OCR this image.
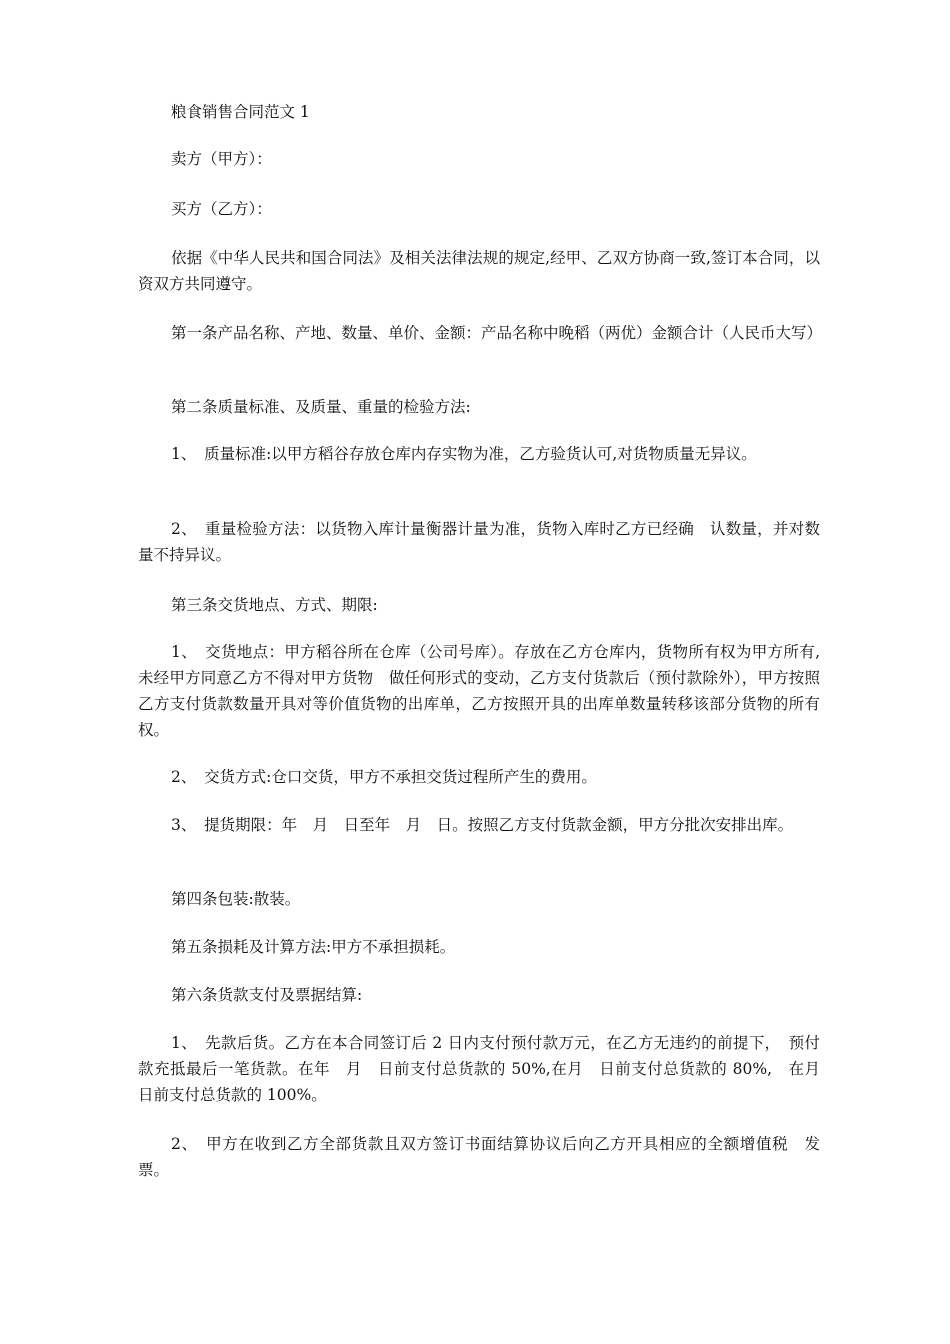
粮食销售合同范文 1

卖方（甲方）：

买方（乙方）：

依据《中华人民共和国合同法》及相关法律法规的规定,经甲、乙双方协商一致,签订本合同，以资双方共同遵守。

第一条产品名称、产地、数量、单价、金额：产品名称中晚稻（两优）金额合计（人民币大写）

第二条质量标准、及质量、重量的检验方法:

1、　质量标准:以甲方稻谷存放仓库内存实物为准，乙方验货认可,对货物质量无异议。

2、　重量检验方法：以货物入库计量衡器计量为准，货物入库时乙方已经确　认数量，并对数　量不持异议。

第三条交货地点、方式、期限:

1、　交货地点：甲方稻谷所在仓库（公司号库）。存放在乙方仓库内，货物所有权为甲方所有,未经甲方同意乙方不得对甲方货物　做任何形式的变动，乙方支付货款后（预付款除外），甲方按照乙方支付货款数量开具对等价值货物的出库单，乙方按照开具的出库单数量转移该部分货物的所有权。

2、　交货方式:仓口交货，甲方不承担交货过程所产生的费用。

3、　提货期限：年　月　日至年　月　日。按照乙方支付货款金额，甲方分批次安排出库。

第四条包装:散装。

第五条损耗及计算方法:甲方不承担损耗。

第六条货款支付及票据结算:

1、　先款后货。乙方在本合同签订后 2 日内支付预付款万元，在乙方无违约的前提下，　预付款充抵最后一笔货款。在年　月　日前支付总货款的 50%,在月　日前支付总货款的 80%,　在月　日前支付总货款的 100%。

2、　甲方在收到乙方全部货款且双方签订书面结算协议后向乙方开具相应的全额增值税　发票。
